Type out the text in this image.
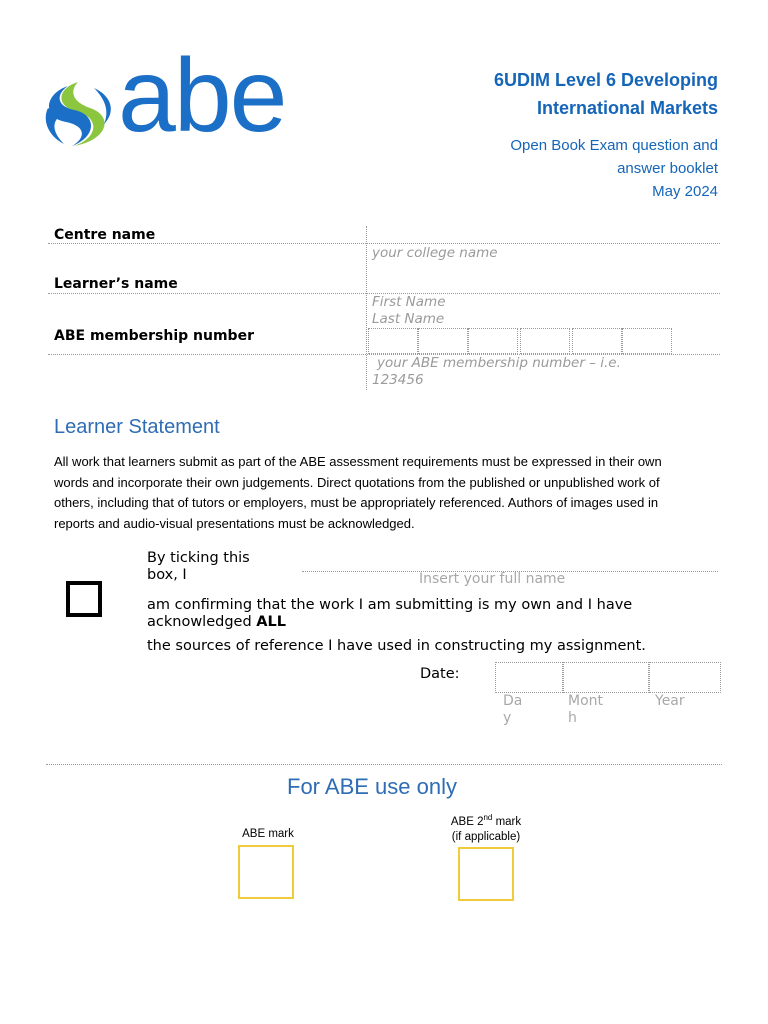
abe	6UDIM Level 6 Developing
International Markets
Open Book Exam question and
answer booklet
May 2024
Centre name
your college name
Learner’s name
First Name
Last Name
ABE membership number
your ABE membership number – i.e.
123456
Learner Statement
All work that learners submit as part of the ABE assessment requirements must be expressed in their own
words and incorporate their own judgements. Direct quotations from the published or unpublished work of
others, including that of tutors or employers, must be appropriately referenced. Authors of images used in
reports and audio-visual presentations must be acknowledged.
By ticking this
box, I	Insert your full name
am confirming that the work I am submitting is my own and I have
acknowledged ALL
the sources of reference I have used in constructing my assignment.
Date:
Day
Month
Year
For ABE use only
ABE mark
ABE 2nd mark
(if applicable)
